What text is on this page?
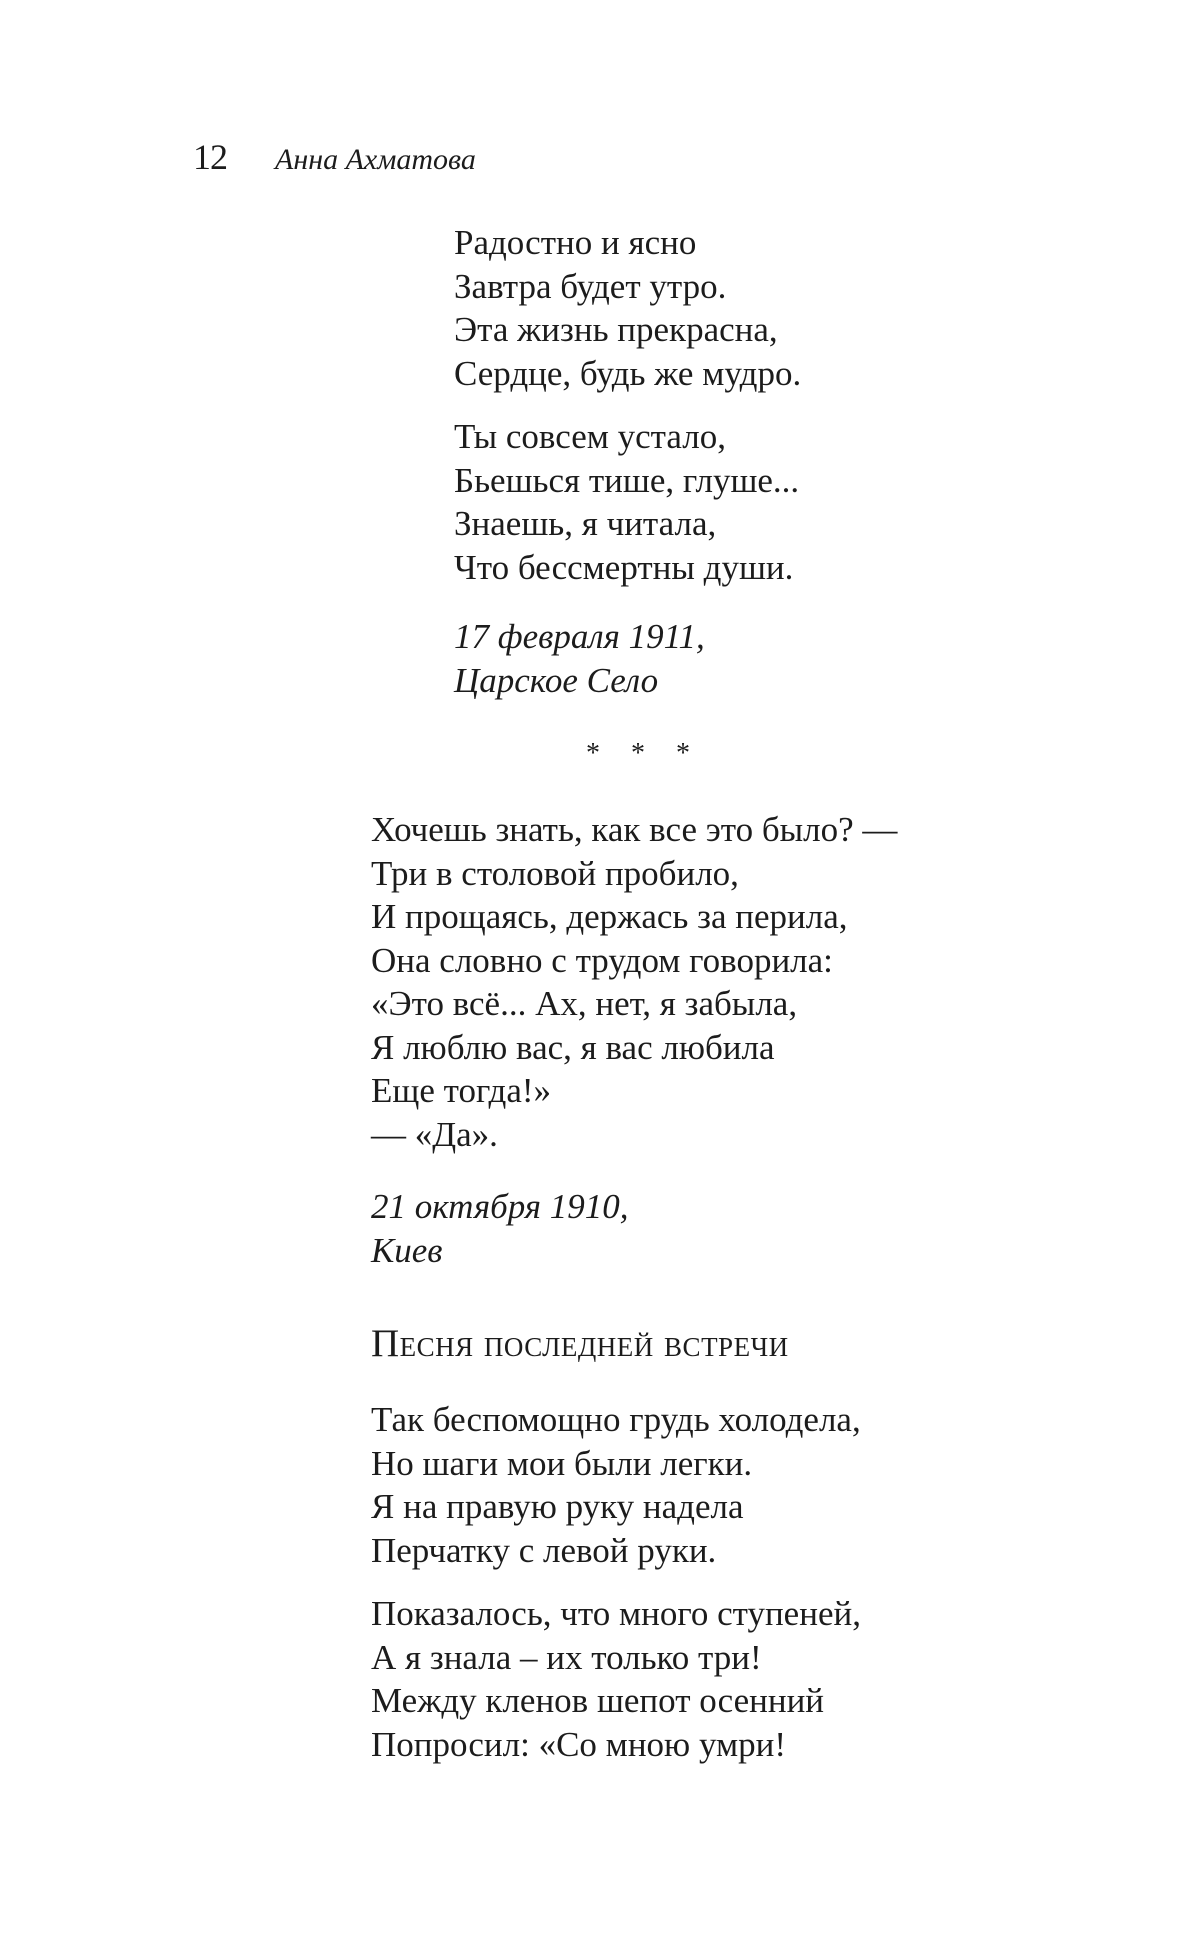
12 Анна Ахматова
Радостно и ясно
Завтра будет утро.
Эта жизнь прекрасна,
Сердце, будь же мудро.
Ты совсем устало,
Бьешься тише, глуше...
Знаешь, я читала,
Что бессмертны души.
17 февраля 1911,
Царское Село
* * *
Хочешь знать, как все это было? —
Три в столовой пробило,
И прощаясь, держась за перила,
Она словно с трудом говорила:
«Это всё... Ах, нет, я забыла,
Я люблю вас, я вас любила
Еще тогда!»
— «Да».
21 октября 1910,
Киев
Песня последней встречи
Так беспомощно грудь холодела,
Но шаги мои были легки.
Я на правую руку надела
Перчатку с левой руки.
Показалось, что много ступеней,
А я знала – их только три!
Между кленов шепот осенний
Попросил: «Со мною умри!
